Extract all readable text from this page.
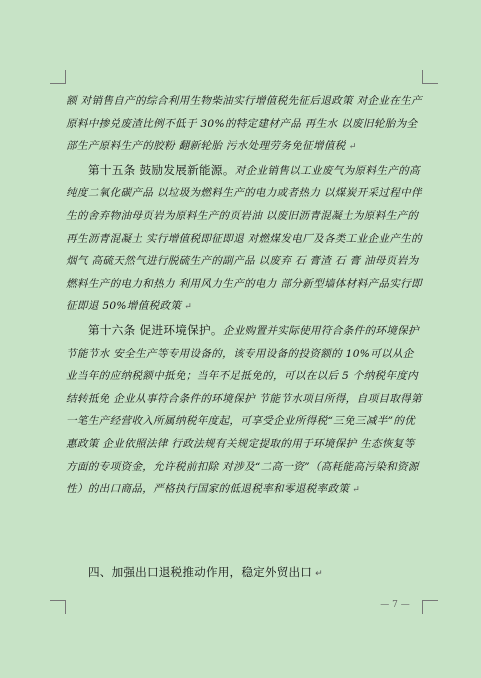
额 对销售自产的综合利用生物柴油实行增值税先征后退政策 对企业在生产原料中掺兑废渣比例不低于 30%的特定建材产品 再生水 以废旧轮胎为全部生产原料生产的胶粉 翻新轮胎 污水处理劳务免征增值税 ↵

第十五条 鼓励发展新能源。对企业销售以工业废气为原料生产的高纯度二氧化碳产品 以垃圾为燃料生产的电力或者热力 以煤炭开采过程中伴生的舍弃物油母页岩为原料生产的页岩油 以废旧沥青混凝土为原料生产的再生沥青混凝土 实行增值税即征即退 对燃煤发电厂及各类工业企业产生的烟气 高硫天然气进行脱硫生产的副产品 以废弃 石 膏渣 石 膏 油母页岩为燃料生产的电力和热力 利用风力生产的电力 部分新型墙体材料产品实行即征即退 50%增值税政策 ↵

第十六条 促进环境保护。企业购置并实际使用符合条件的环境保护 节能节水 安全生产等专用设备的，该专用设备的投资额的 10%可以从企业当年的应纳税额中抵免；当年不足抵免的，可以在以后 5 个纳税年度内结转抵免 企业从事符合条件的环境保护 节能节水项目所得，自项目取得第一笔生产经营收入所属纳税年度起，可享受企业所得税“三免三减半”的优惠政策 企业依照法律 行政法规有关规定提取的用于环境保护 生态恢复等方面的专项资金，允许税前扣除 对涉及“二高一资”（高耗能高污染和资源性）的出口商品，严格执行国家的低退税率和零退税率政策 ↵

四、加强出口退税推动作用，稳定外贸出口 ↵
— 7 —
